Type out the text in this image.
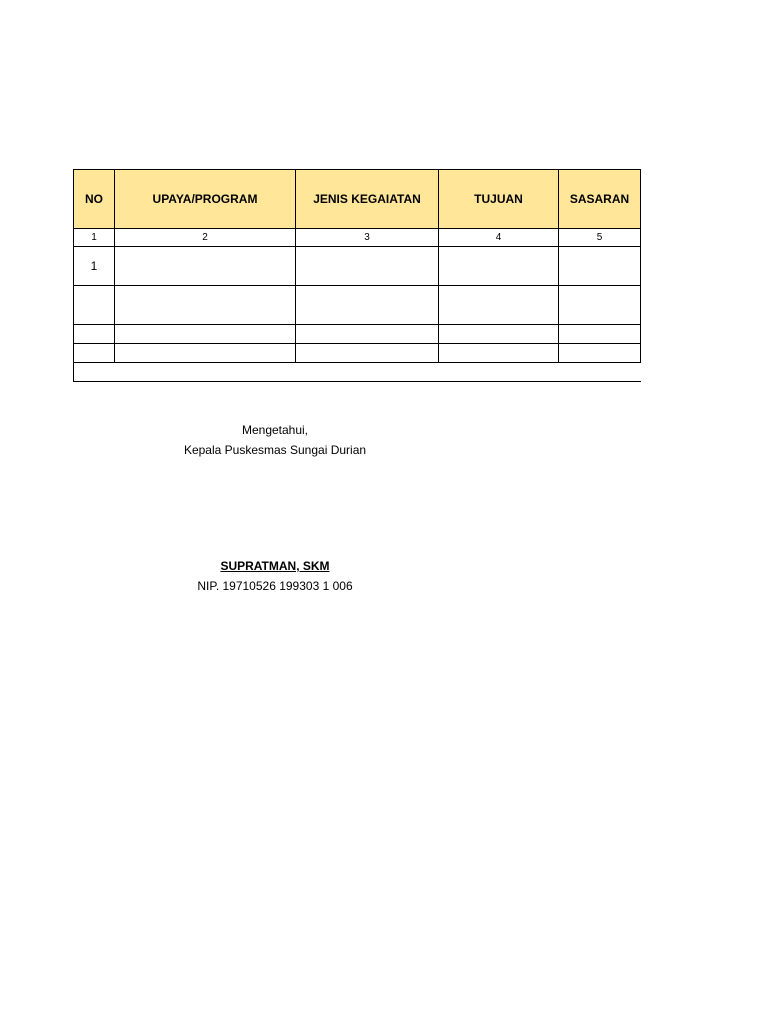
NO	UPAYA/PROGRAM	JENIS KEGAIATAN	TUJUAN	SASARAN
1	2	3	4	5
1				

Mengetahui,
Kepala Puskesmas Sungai Durian
SUPRATMAN, SKM
NIP. 19710526 199303 1 006
